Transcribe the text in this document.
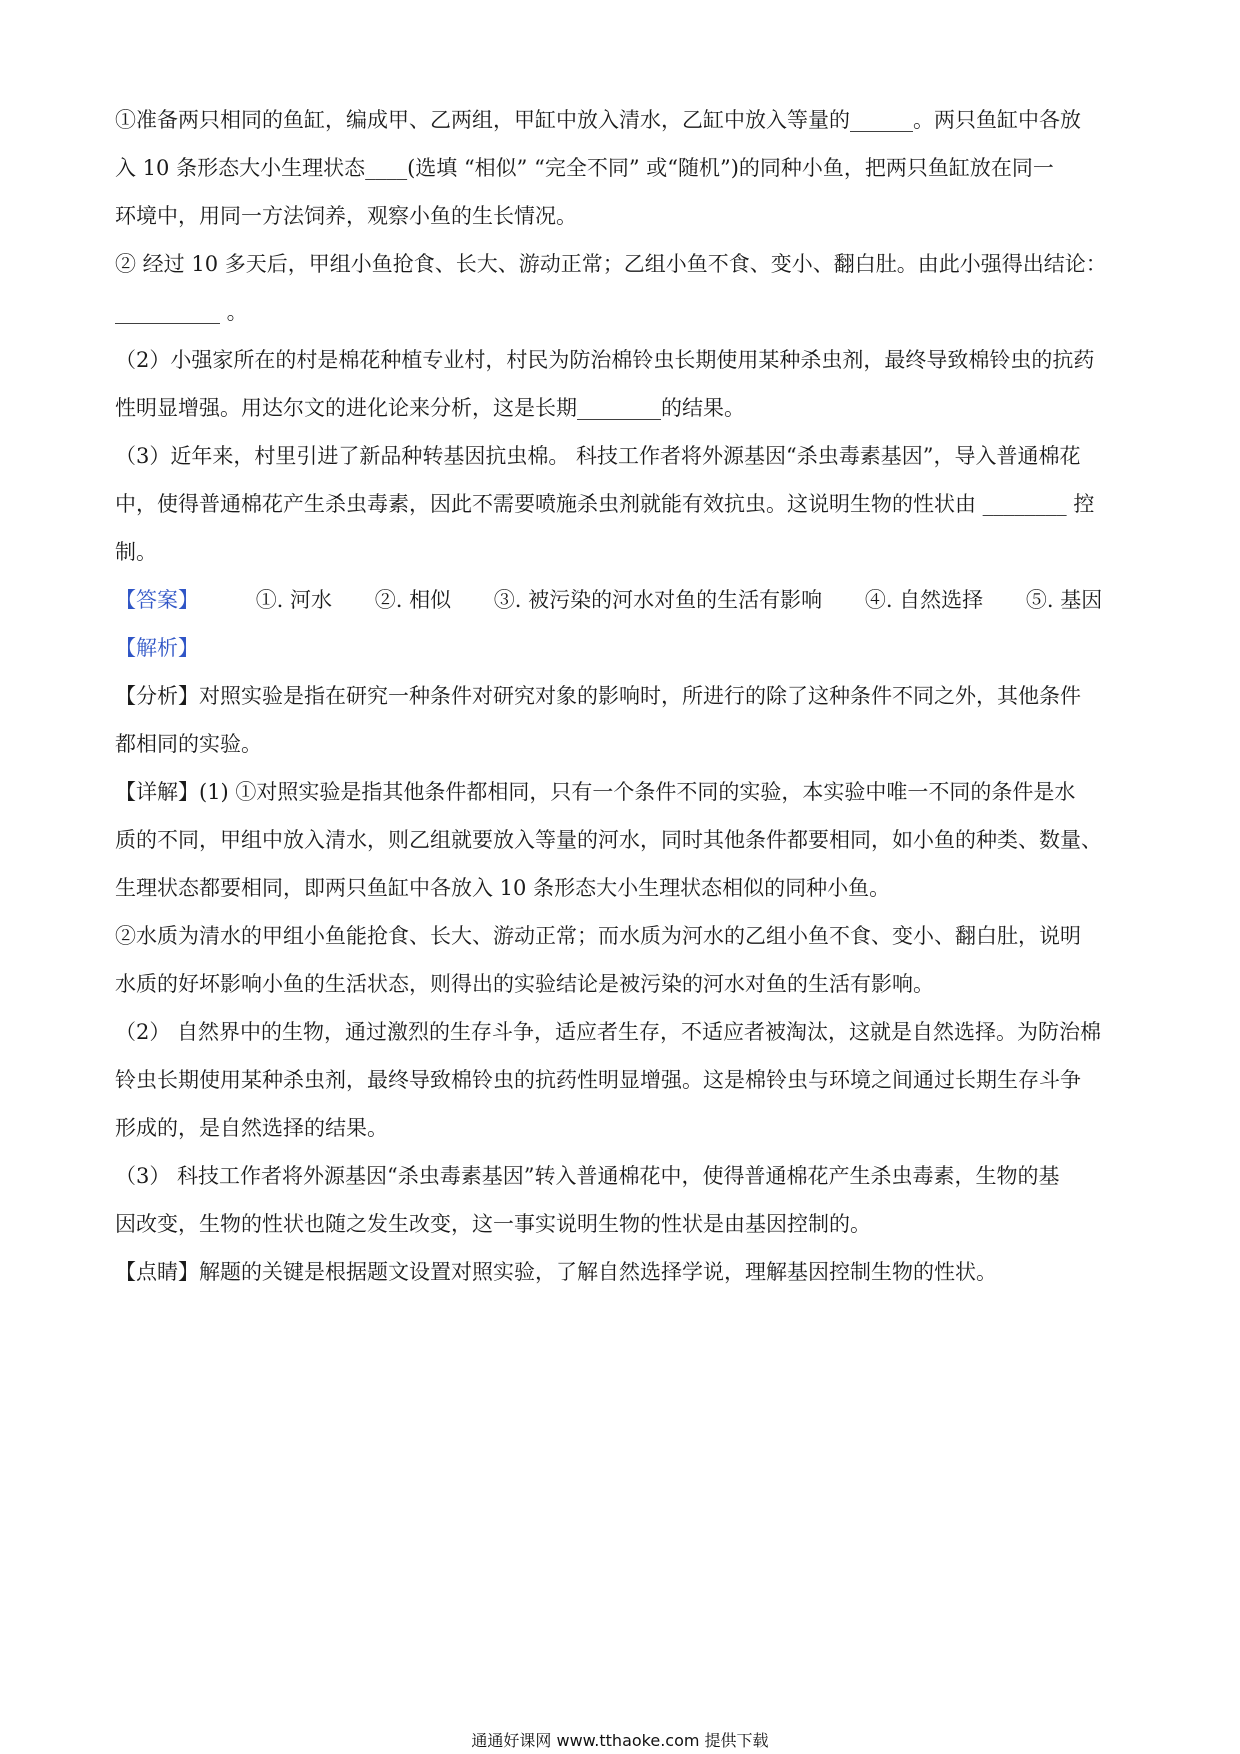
①准备两只相同的鱼缸，编成甲、乙两组，甲缸中放入清水，乙缸中放入等量的______。两只鱼缸中各放
入 10 条形态大小生理状态____(选填 “相似” “完全不同” 或“随机”)的同种小鱼，把两只鱼缸放在同一
环境中，用同一方法饲养，观察小鱼的生长情况。
② 经过 10 多天后，甲组小鱼抢食、长大、游动正常；乙组小鱼不食、变小、翻白肚。由此小强得出结论：
__________ 。
（2）小强家所在的村是棉花种植专业村，村民为防治棉铃虫长期使用某种杀虫剂，最终导致棉铃虫的抗药
性明显增强。用达尔文的进化论来分析，这是长期________的结果。
（3）近年来，村里引进了新品种转基因抗虫棉。 科技工作者将外源基因“杀虫毒素基因”，导入普通棉花
中，使得普通棉花产生杀虫毒素，因此不需要喷施杀虫剂就能有效抗虫。这说明生物的性状由 ________ 控
制。
【答案】	①. 河水 ②. 相似 ③. 被污染的河水对鱼的生活有影响 ④. 自然选择 ⑤. 基因
【解析】
【分析】对照实验是指在研究一种条件对研究对象的影响时，所进行的除了这种条件不同之外，其他条件
都相同的实验。
【详解】(1) ①对照实验是指其他条件都相同，只有一个条件不同的实验，本实验中唯一不同的条件是水
质的不同，甲组中放入清水，则乙组就要放入等量的河水，同时其他条件都要相同，如小鱼的种类、数量、
生理状态都要相同，即两只鱼缸中各放入 10 条形态大小生理状态相似的同种小鱼。
②水质为清水的甲组小鱼能抢食、长大、游动正常；而水质为河水的乙组小鱼不食、变小、翻白肚，说明
水质的好坏影响小鱼的生活状态，则得出的实验结论是被污染的河水对鱼的生活有影响。
（2） 自然界中的生物，通过激烈的生存斗争，适应者生存，不适应者被淘汰，这就是自然选择。为防治棉
铃虫长期使用某种杀虫剂，最终导致棉铃虫的抗药性明显增强。这是棉铃虫与环境之间通过长期生存斗争
形成的，是自然选择的结果。
（3） 科技工作者将外源基因“杀虫毒素基因”转入普通棉花中，使得普通棉花产生杀虫毒素，生物的基
因改变，生物的性状也随之发生改变，这一事实说明生物的性状是由基因控制的。
【点睛】解题的关键是根据题文设置对照实验，了解自然选择学说，理解基因控制生物的性状。
通通好课网 www.tthaoke.com 提供下载
